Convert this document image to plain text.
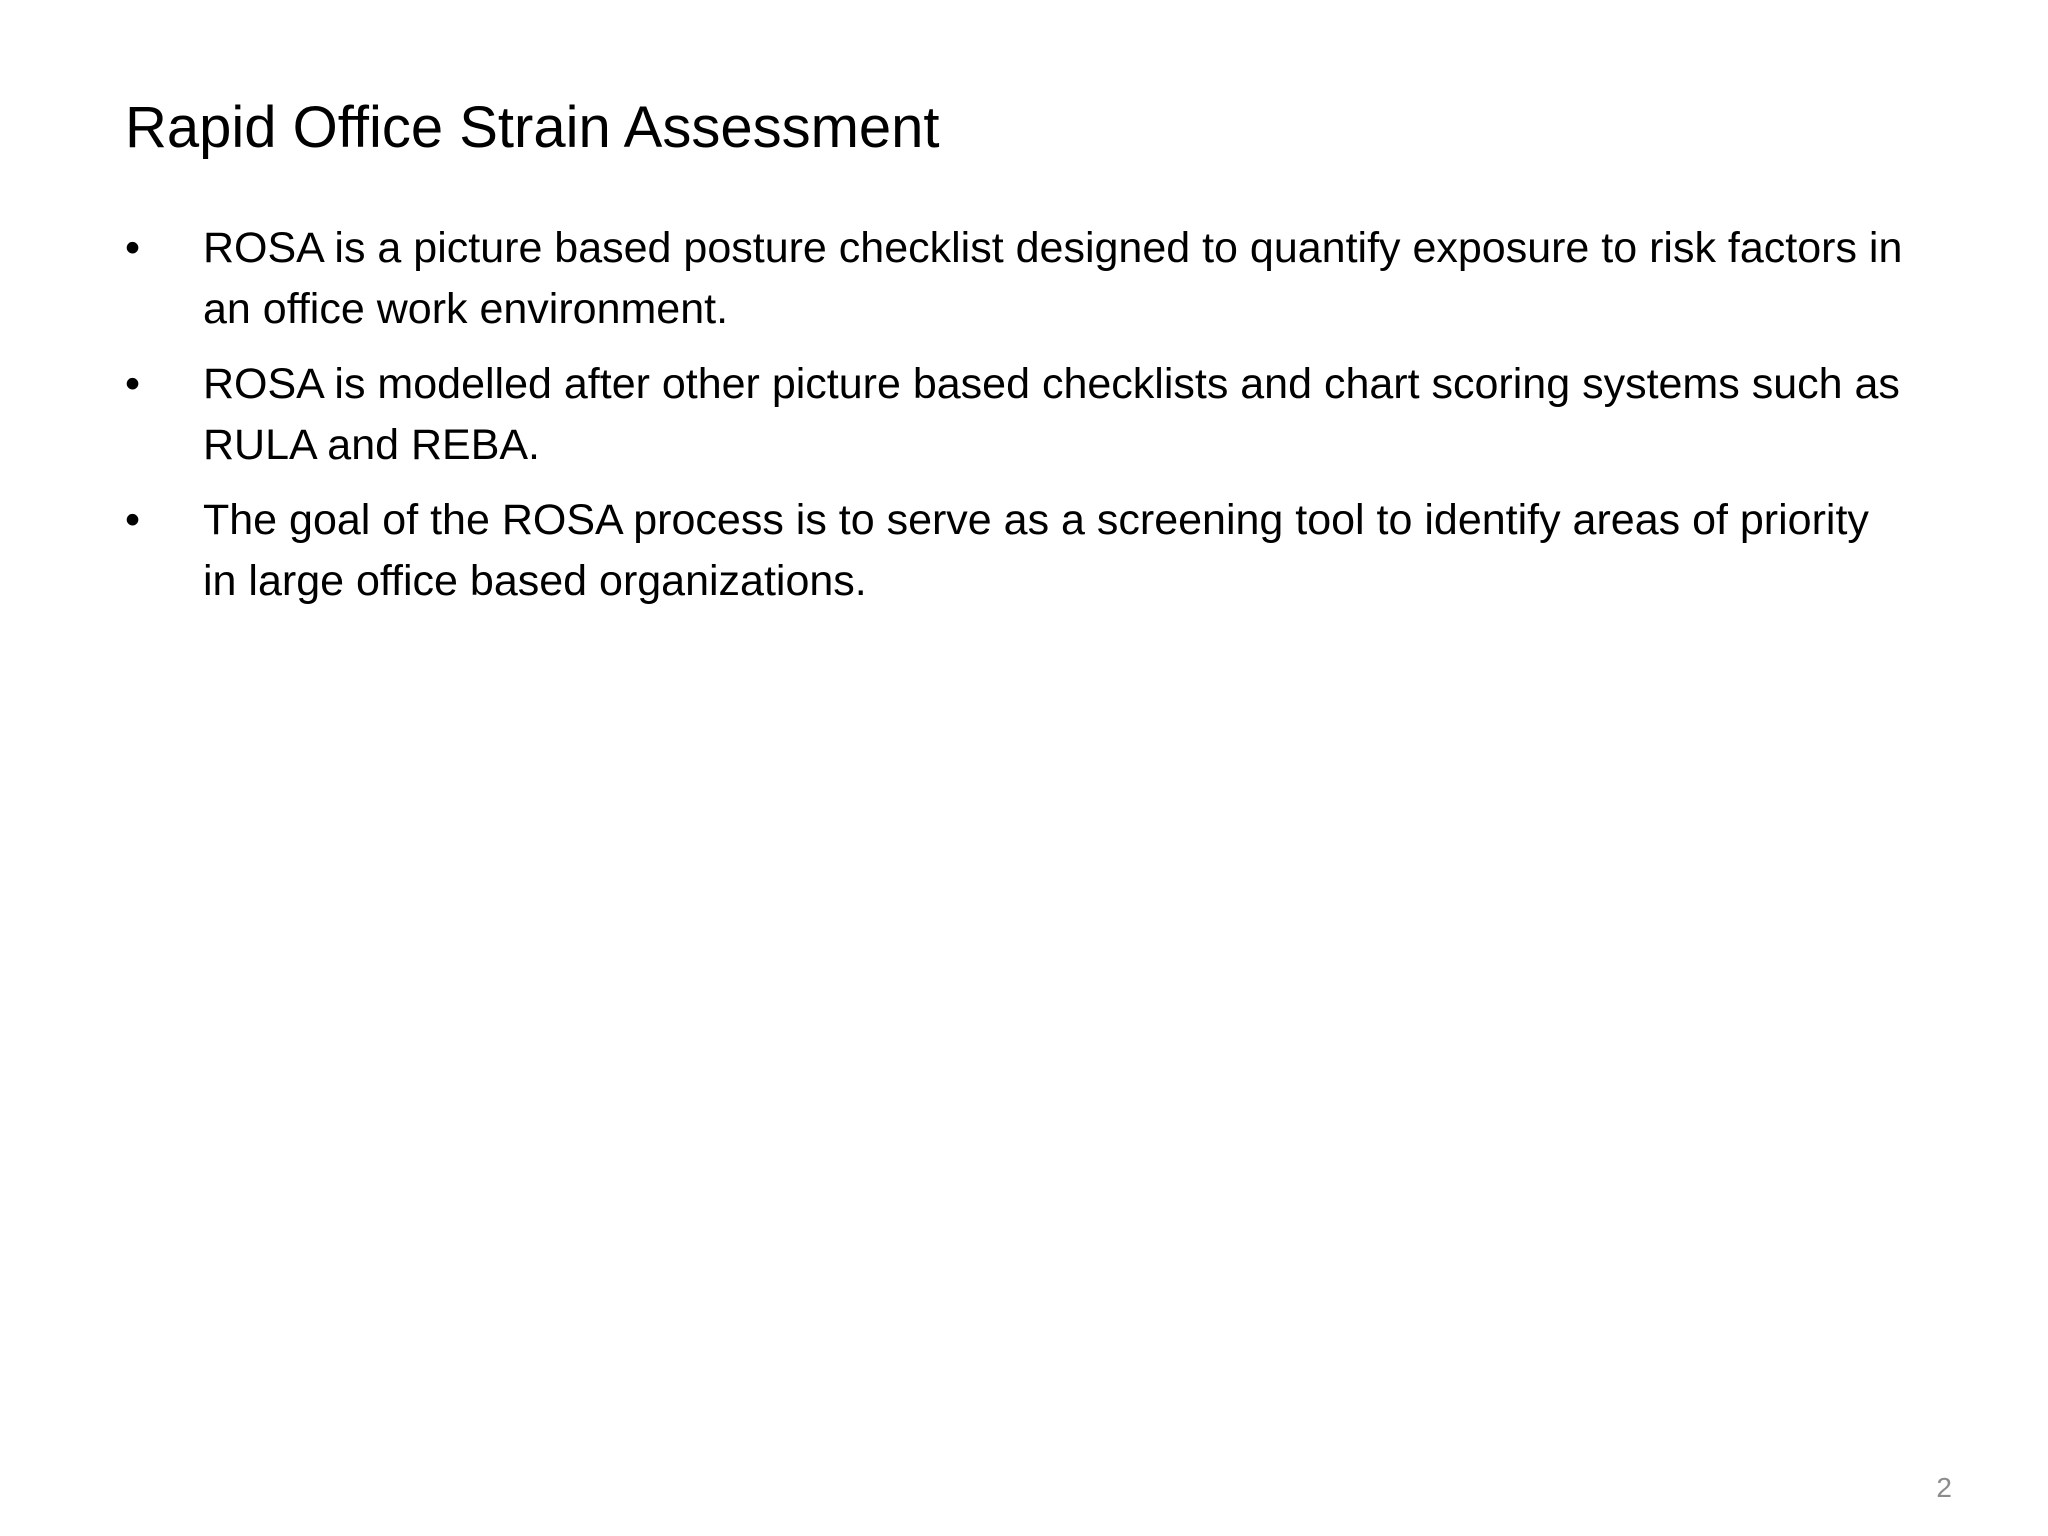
Rapid Office Strain Assessment
•	ROSA is a picture based posture checklist designed to quantify exposure to risk factors in an office work environment.
•	ROSA is modelled after other picture based checklists and chart scoring systems such as RULA and REBA.
•	The goal of the ROSA process is to serve as a screening tool to identify areas of priority in large office based organizations.
2
